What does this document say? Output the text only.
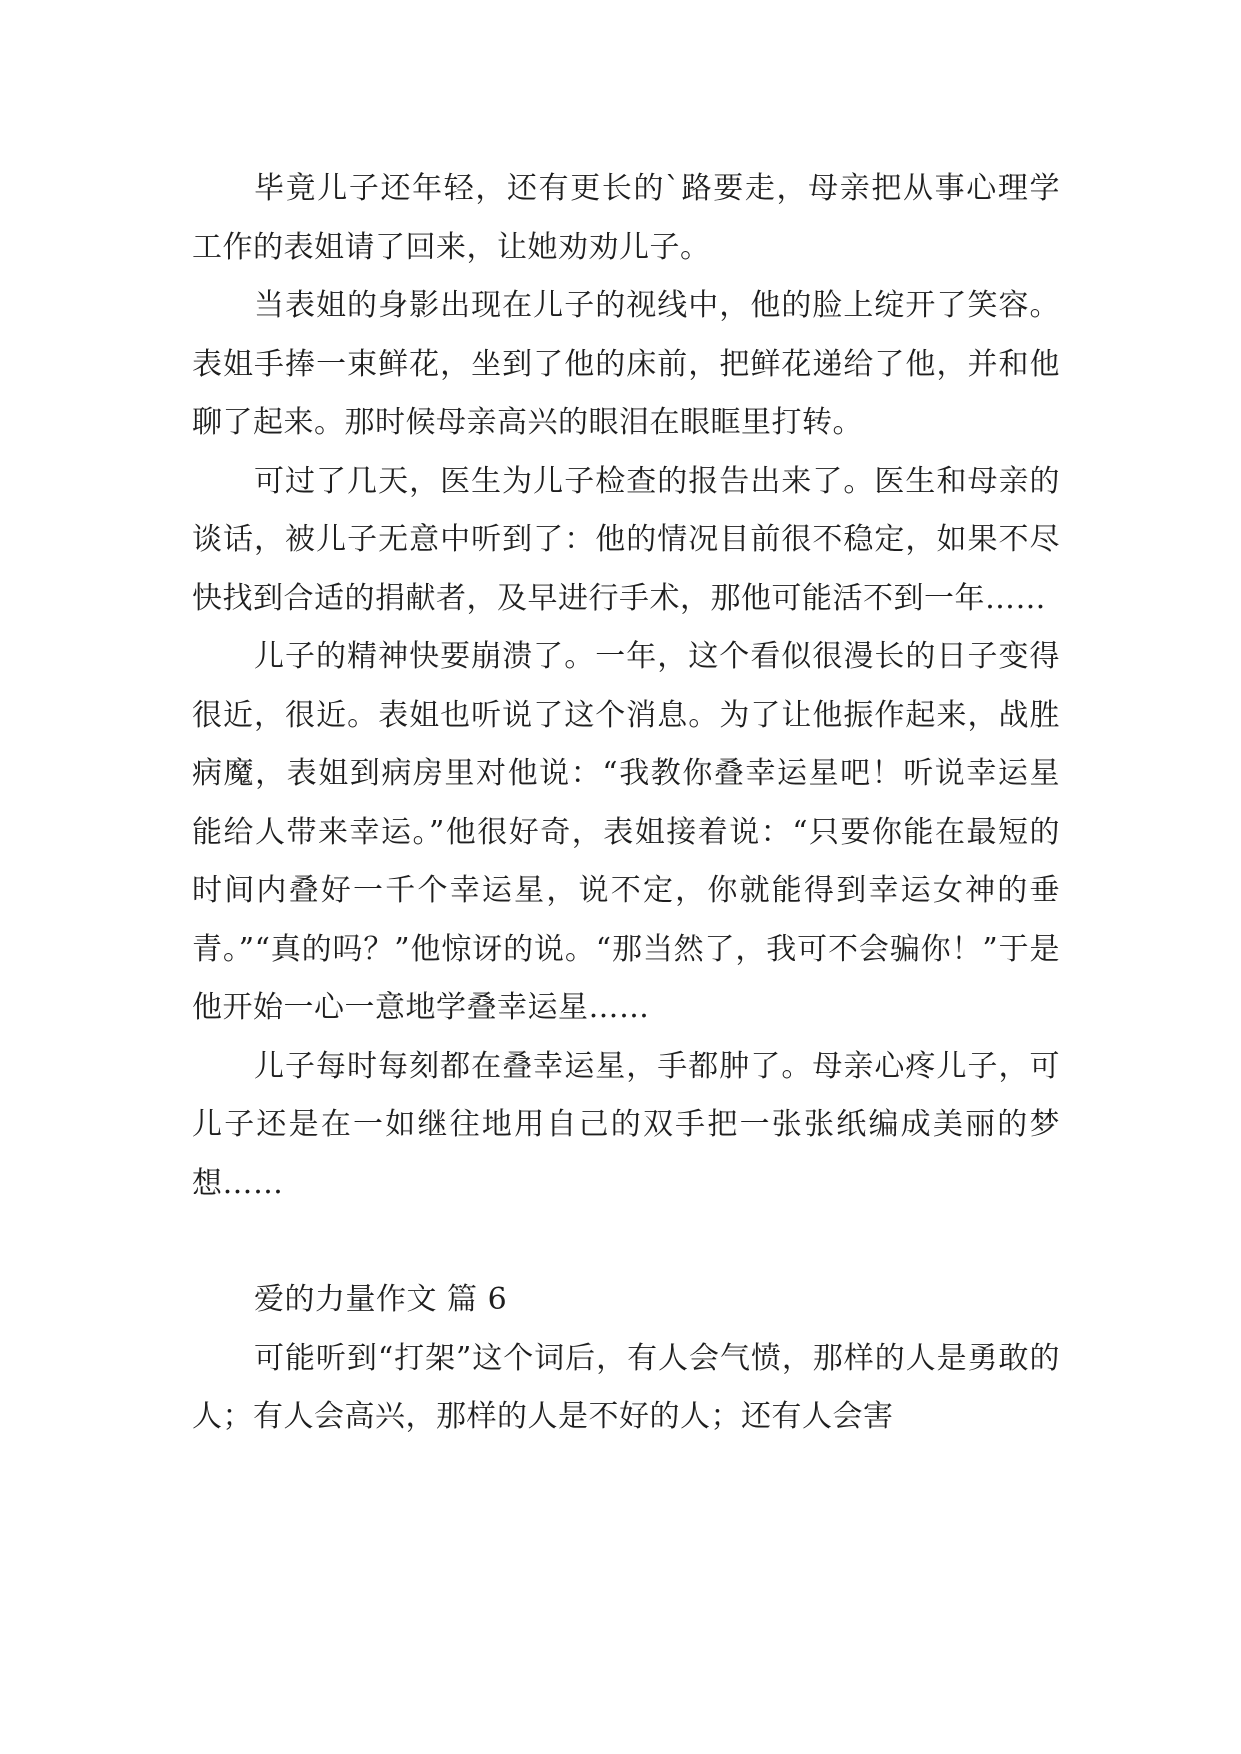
毕竟儿子还年轻，还有更长的`路要走，母亲把从事心理学工作的表姐请了回来，让她劝劝儿子。

当表姐的身影出现在儿子的视线中，他的脸上绽开了笑容。表姐手捧一束鲜花，坐到了他的床前，把鲜花递给了他，并和他聊了起来。那时候母亲高兴的眼泪在眼眶里打转。

可过了几天，医生为儿子检查的报告出来了。医生和母亲的谈话，被儿子无意中听到了：他的情况目前很不稳定，如果不尽快找到合适的捐献者，及早进行手术，那他可能活不到一年……

儿子的精神快要崩溃了。一年，这个看似很漫长的日子变得很近，很近。表姐也听说了这个消息。为了让他振作起来，战胜病魔，表姐到病房里对他说：“我教你叠幸运星吧！听说幸运星能给人带来幸运。”他很好奇，表姐接着说：“只要你能在最短的时间内叠好一千个幸运星，说不定，你就能得到幸运女神的垂青。”“真的吗？”他惊讶的说。“那当然了，我可不会骗你！”于是他开始一心一意地学叠幸运星……

儿子每时每刻都在叠幸运星，手都肿了。母亲心疼儿子，可儿子还是在一如继往地用自己的双手把一张张纸编成美丽的梦想……

爱的力量作文 篇 6

可能听到“打架”这个词后，有人会气愤，那样的人是勇敢的人；有人会高兴，那样的人是不好的人；还有人会害
